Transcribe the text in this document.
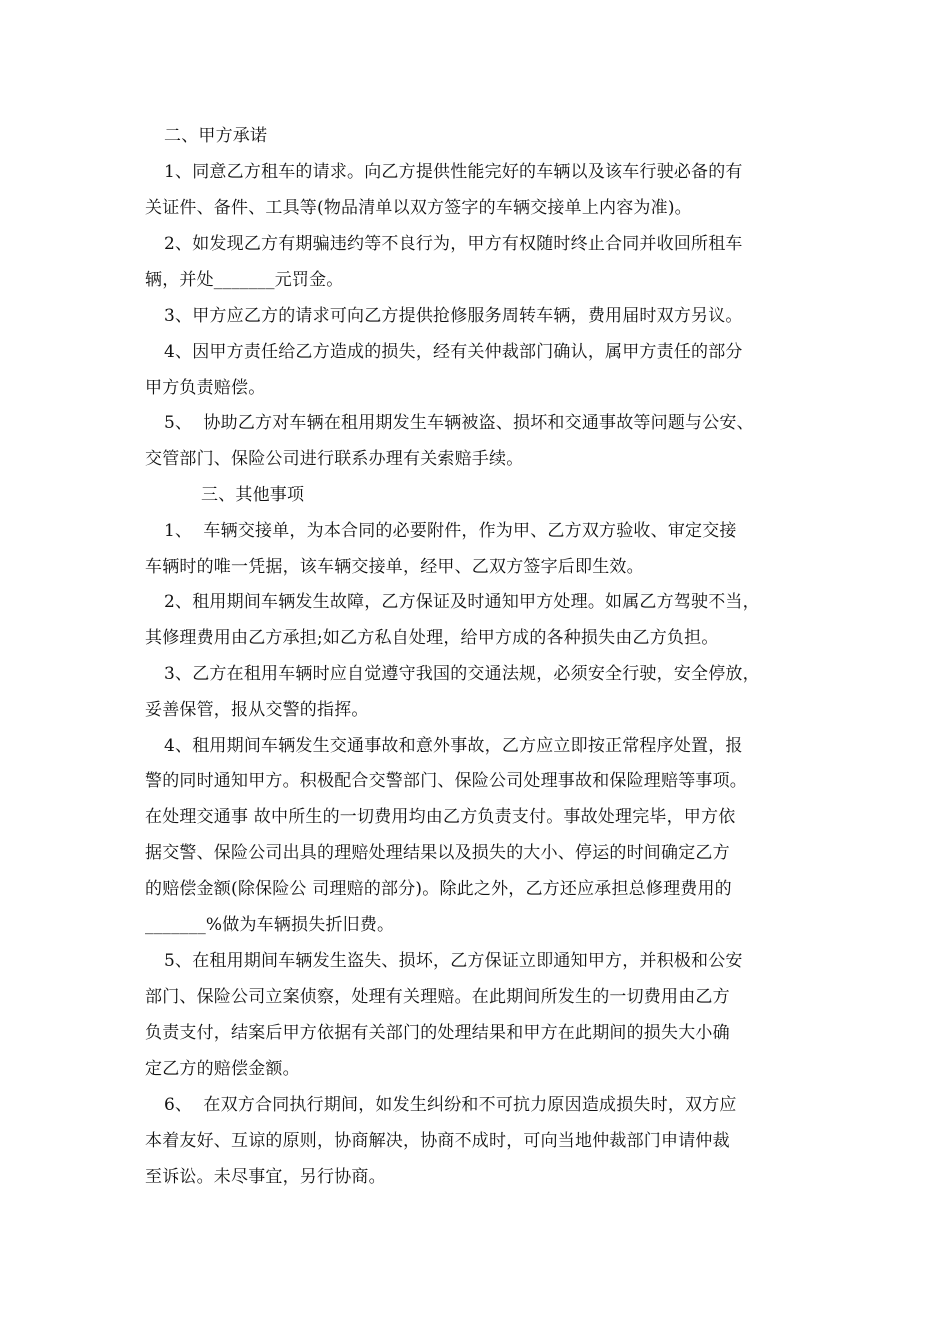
二、甲方承诺
1、同意乙方租车的请求。向乙方提供性能完好的车辆以及该车行驶必备的有
关证件、备件、工具等(物品清单以双方签字的车辆交接单上内容为准)。
2、如发现乙方有期骗违约等不良行为，甲方有权随时终止合同并收回所租车
辆，并处_______元罚金。
3、甲方应乙方的请求可向乙方提供抢修服务周转车辆，费用届时双方另议。
4、因甲方责任给乙方造成的损失，经有关仲裁部门确认，属甲方责任的部分
甲方负责赔偿。
5、  协助乙方对车辆在租用期发生车辆被盗、损坏和交通事故等问题与公安、
交管部门、保险公司进行联系办理有关索赔手续。
三、其他事项
1、  车辆交接单，为本合同的必要附件，作为甲、乙方双方验收、审定交接
车辆时的唯一凭据，该车辆交接单，经甲、乙双方签字后即生效。
2、租用期间车辆发生故障，乙方保证及时通知甲方处理。如属乙方驾驶不当，
其修理费用由乙方承担;如乙方私自处理，给甲方成的各种损失由乙方负担。
3、乙方在租用车辆时应自觉遵守我国的交通法规，必须安全行驶，安全停放，
妥善保管，报从交警的指挥。
4、租用期间车辆发生交通事故和意外事故，乙方应立即按正常程序处置，报
警的同时通知甲方。积极配合交警部门、保险公司处理事故和保险理赔等事项。
在处理交通事 故中所生的一切费用均由乙方负责支付。事故处理完毕，甲方依
据交警、保险公司出具的理赔处理结果以及损失的大小、停运的时间确定乙方
的赔偿金额(除保险公 司理赔的部分)。除此之外，乙方还应承担总修理费用的
_______%做为车辆损失折旧费。
5、在租用期间车辆发生盗失、损坏，乙方保证立即通知甲方，并积极和公安
部门、保险公司立案侦察，处理有关理赔。在此期间所发生的一切费用由乙方
负责支付，结案后甲方依据有关部门的处理结果和甲方在此期间的损失大小确
定乙方的赔偿金额。
6、  在双方合同执行期间，如发生纠纷和不可抗力原因造成损失时，双方应
本着友好、互谅的原则，协商解决，协商不成时，可向当地仲裁部门申请仲裁
至诉讼。未尽事宜，另行协商。
